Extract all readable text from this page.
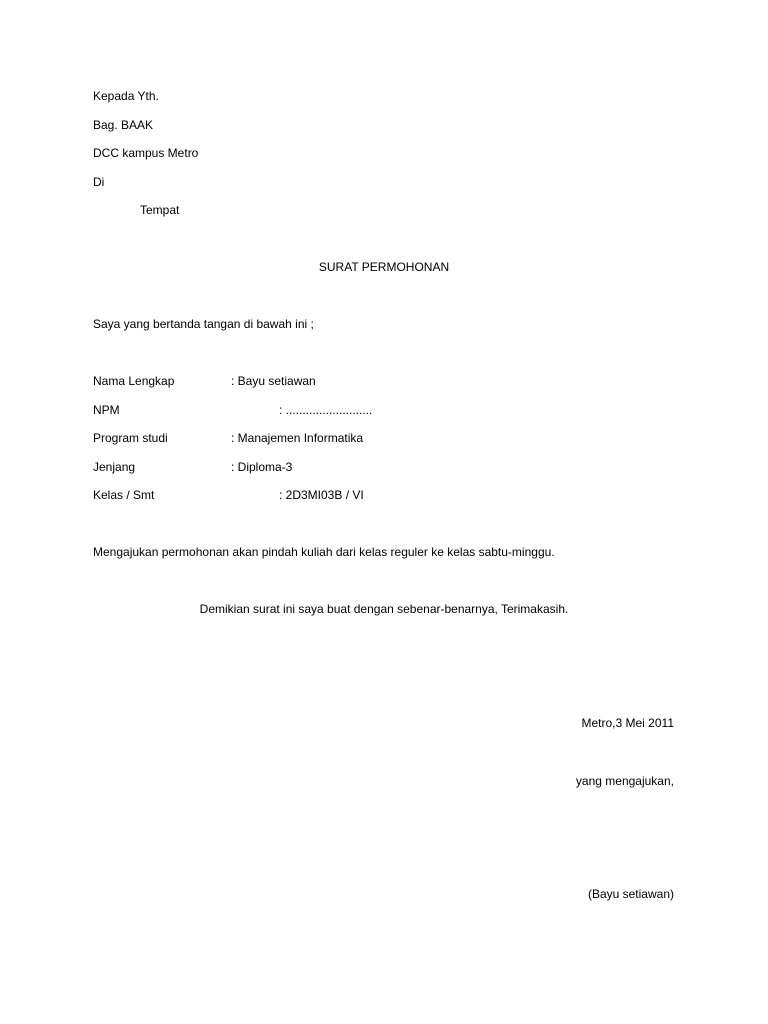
Kepada Yth.
Bag. BAAK
DCC kampus Metro
Di
Tempat
SURAT PERMOHONAN
Saya yang bertanda tangan di bawah ini ;
Nama Lengkap	: Bayu setiawan
NPM	: ..........................
Program studi	: Manajemen Informatika
Jenjang	: Diploma-3
Kelas / Smt	: 2D3MI03B / VI
Mengajukan permohonan akan pindah kuliah dari kelas reguler ke kelas sabtu-minggu.
Demikian surat ini saya buat dengan sebenar-benarnya, Terimakasih.
Metro,3 Mei 2011
yang mengajukan,
(Bayu setiawan)
